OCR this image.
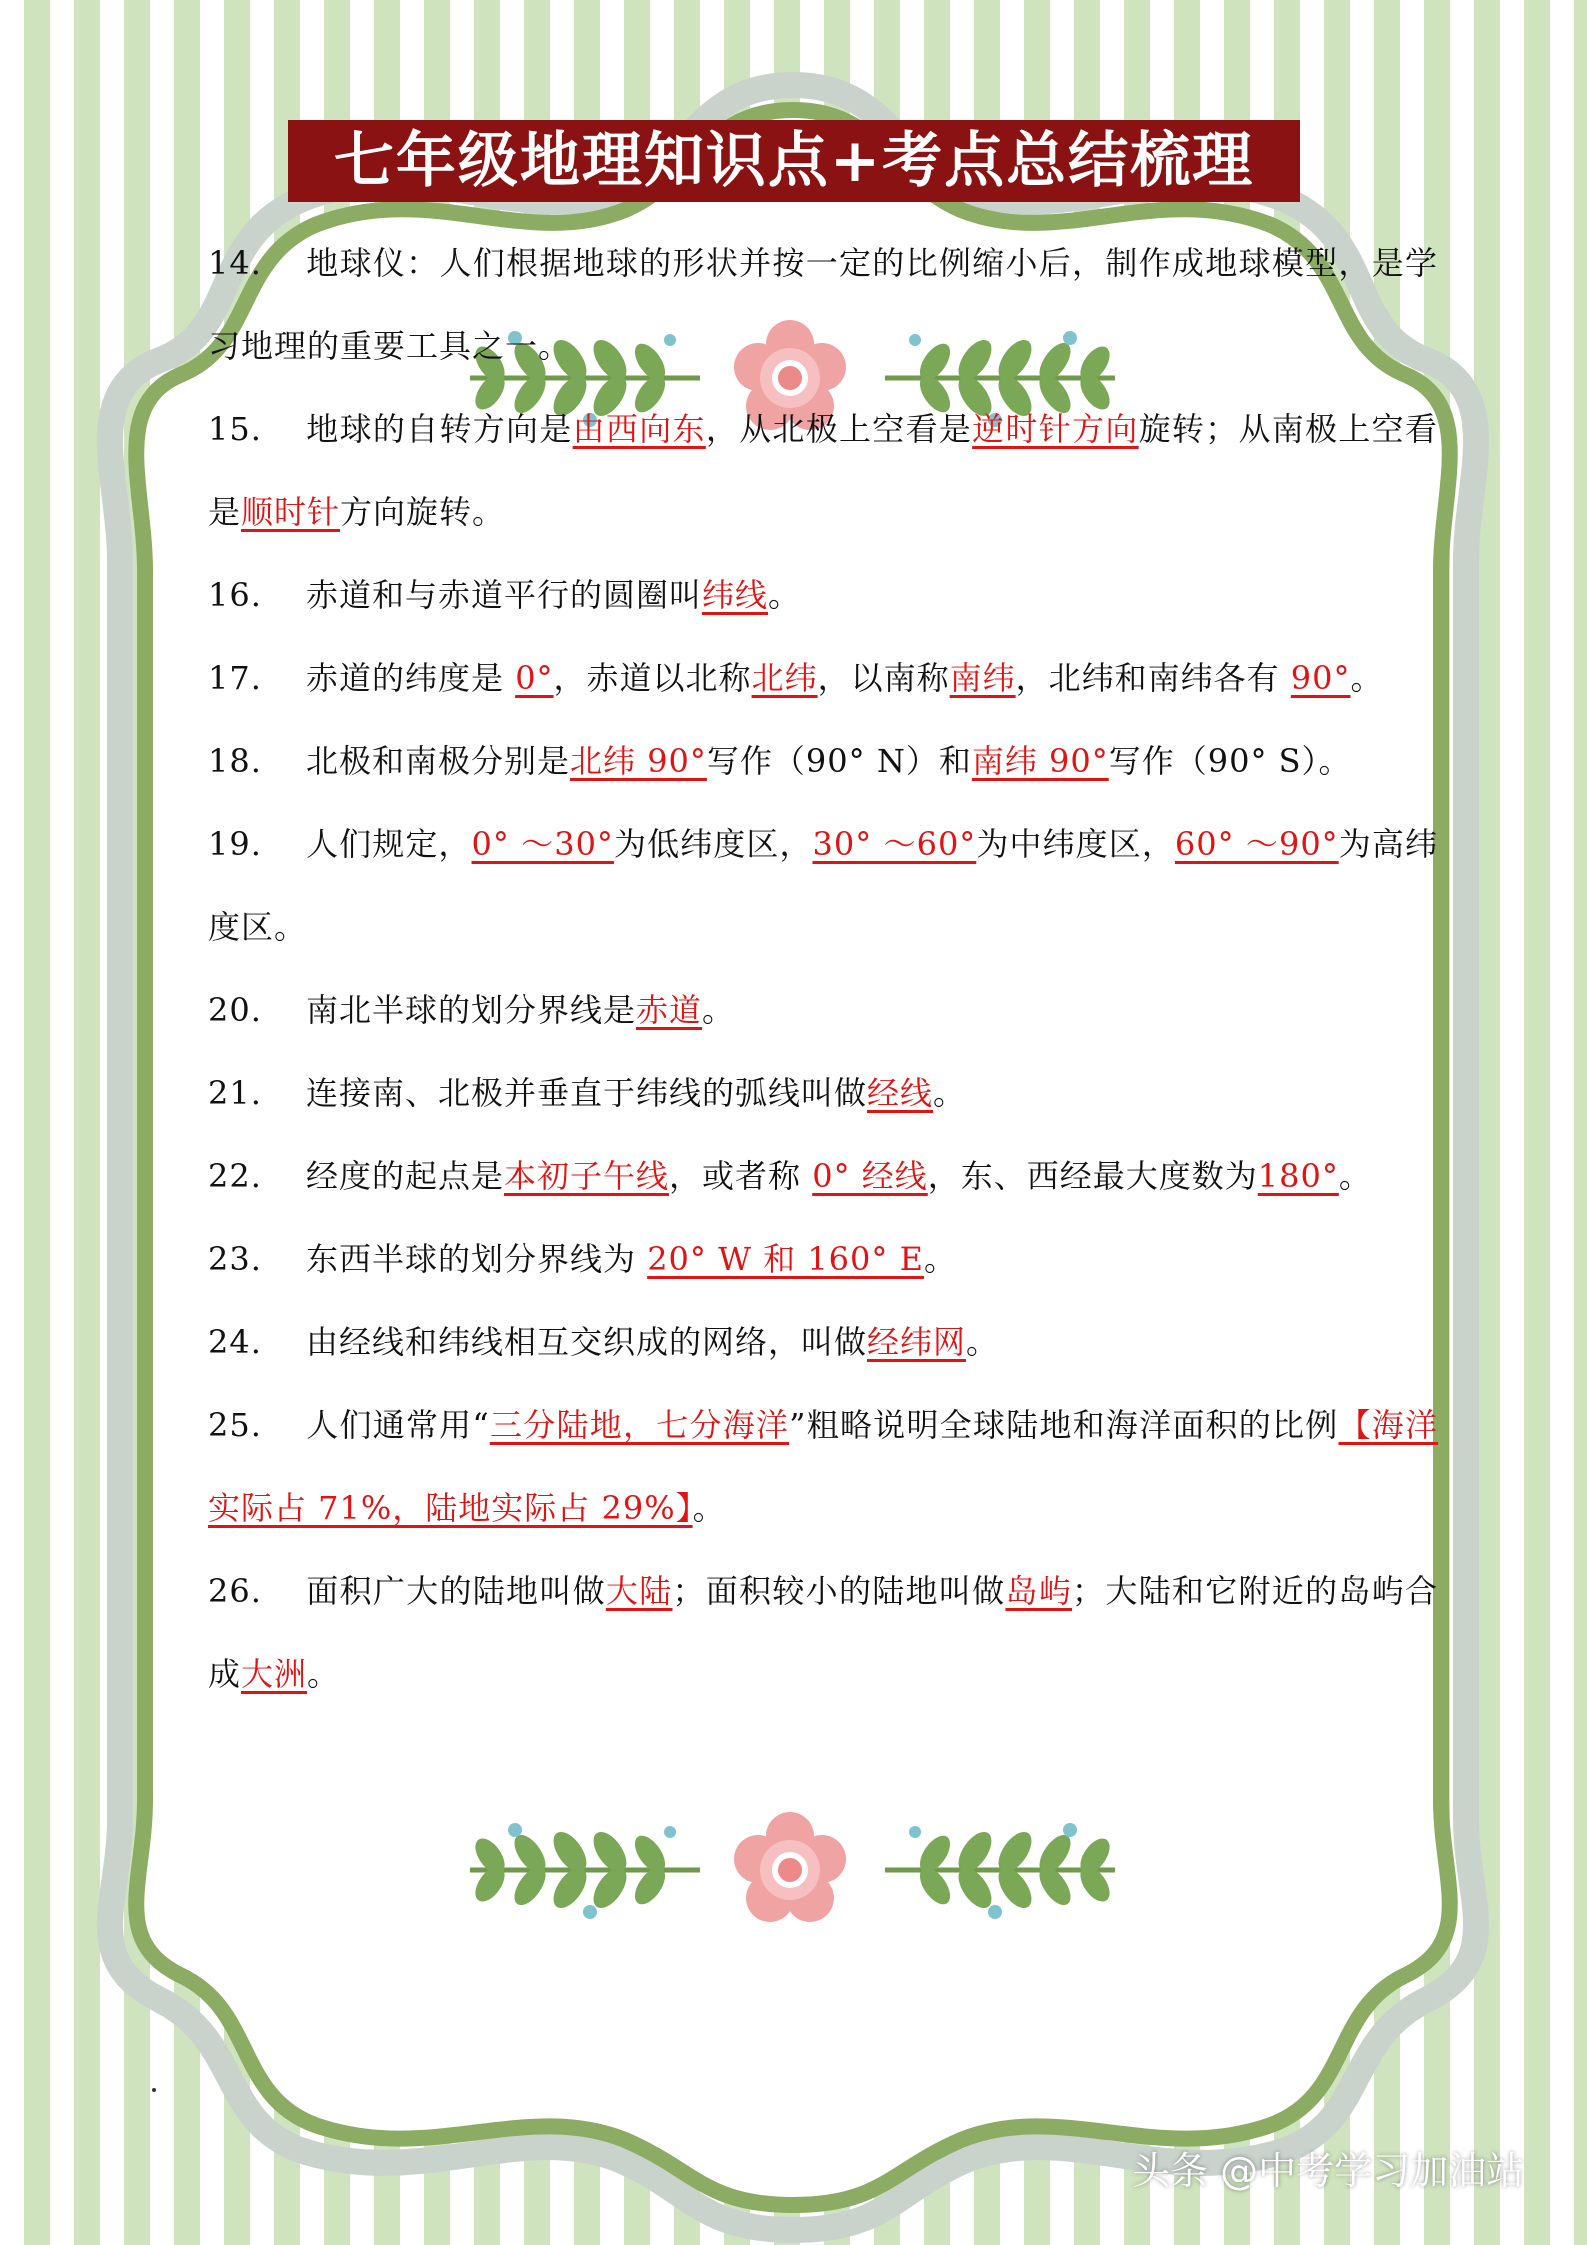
七年级地理知识点+考点总结梳理

14. 地球仪：人们根据地球的形状并按一定的比例缩小后，制作成地球模型，是学习地理的重要工具之一。

15. 地球的自转方向是由西向东，从北极上空看是逆时针方向旋转；从南极上空看是顺时针方向旋转。

16. 赤道和与赤道平行的圆圈叫纬线。

17. 赤道的纬度是 0°，赤道以北称北纬，以南称南纬，北纬和南纬各有 90°。

18. 北极和南极分别是北纬 90°写作（90° N）和南纬 90°写作（90° S）。

19. 人们规定，0° ～30°为低纬度区，30° ～60°为中纬度区，60° ～90°为高纬度区。

20. 南北半球的划分界线是赤道。

21. 连接南、北极并垂直于纬线的弧线叫做经线。

22. 经度的起点是本初子午线，或者称 0° 经线，东、西经最大度数为180°。

23. 东西半球的划分界线为 20° W 和 160° E。

24. 由经线和纬线相互交织成的网络，叫做经纬网。

25. 人们通常用“三分陆地，七分海洋”粗略说明全球陆地和海洋面积的比例【海洋实际占 71%，陆地实际占 29%】。

26. 面积广大的陆地叫做大陆；面积较小的陆地叫做岛屿；大陆和它附近的岛屿合成大洲。

头条 @中考学习加油站
